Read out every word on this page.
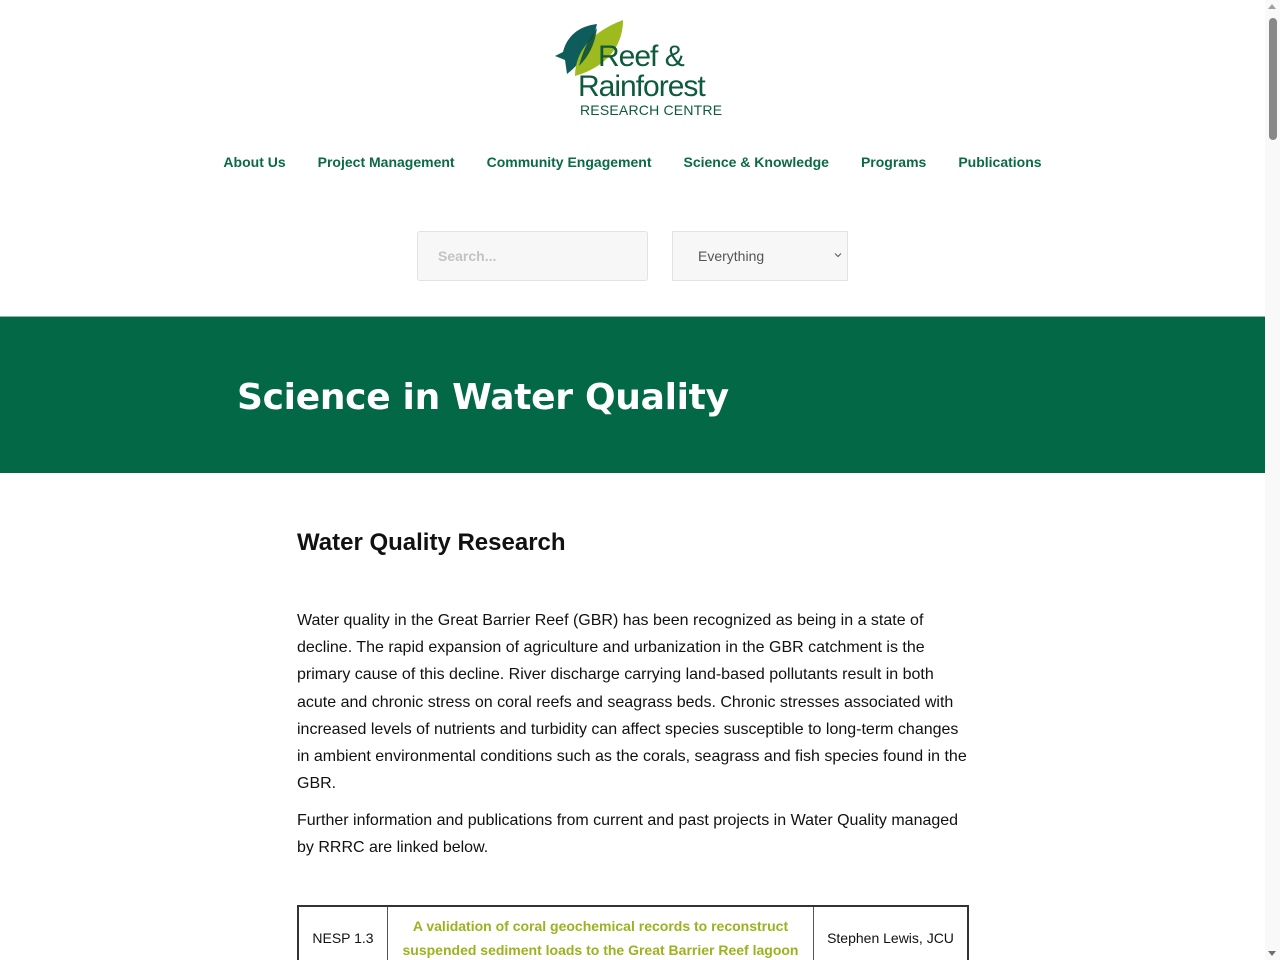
Reef &
Rainforest
RESEARCH CENTRE
About Us Project Management Community Engagement Science & Knowledge Programs Publications
Search...
Everything
Science in Water Quality
Water Quality Research

Water quality in the Great Barrier Reef (GBR) has been recognized as being in a state of decline. The rapid expansion of agriculture and urbanization in the GBR catchment is the primary cause of this decline. River discharge carrying land-based pollutants result in both acute and chronic stress on coral reefs and seagrass beds. Chronic stresses associated with increased levels of nutrients and turbidity can affect species susceptible to long-term changes in ambient environmental conditions such as the corals, seagrass and fish species found in the GBR.

Further information and publications from current and past projects in Water Quality managed by RRRC are linked below.

NESP 1.3	A validation of coral geochemical records to reconstruct suspended sediment loads to the Great Barrier Reef lagoon	Stephen Lewis, JCU
